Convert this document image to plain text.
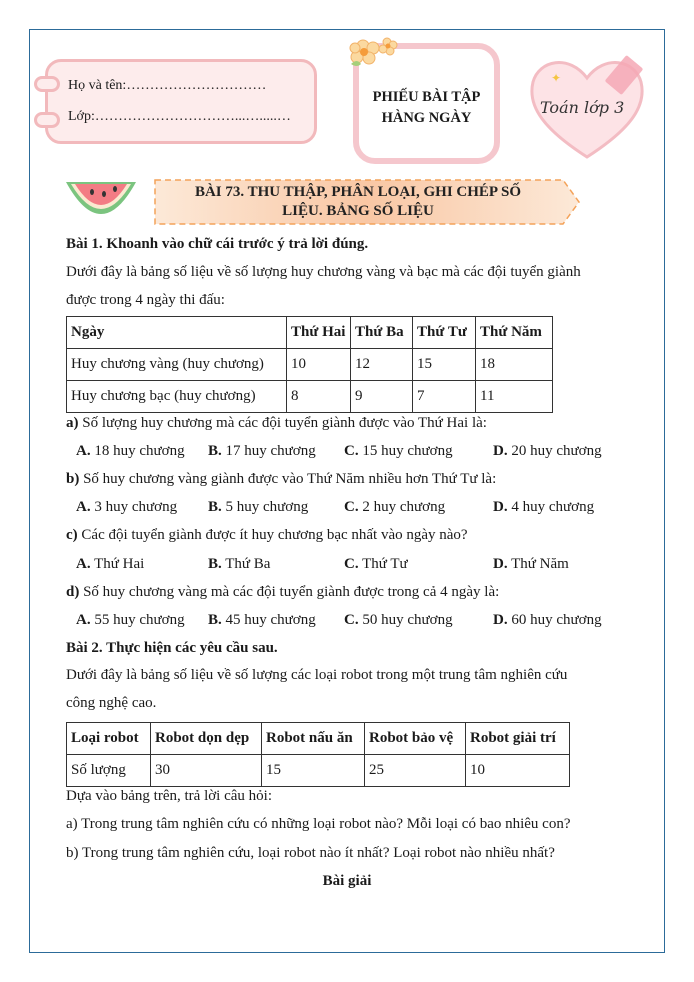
Họ và tên:…………………………
Lớp:…………………………...….....…
PHIẾU BÀI TẬP
HÀNG NGÀY
✦
Toán lớp 3
BÀI 73. THU THẬP, PHÂN LOẠI, GHI CHÉP SỐ
LIỆU. BẢNG SỐ LIỆU
Bài 1. Khoanh vào chữ cái trước ý trả lời đúng.
Dưới đây là bảng số liệu về số lượng huy chương vàng và bạc mà các đội tuyển giành
được trong 4 ngày thi đấu:
Ngày	Thứ Hai	Thứ Ba	Thứ Tư	Thứ Năm
Huy chương vàng (huy chương)	10	12	15	18
Huy chương bạc (huy chương)	8	9	7	11
a) Số lượng huy chương mà các đội tuyển giành được vào Thứ Hai là:
A. 18 huy chương B. 17 huy chương C. 15 huy chương	D. 20 huy chương
b) Số huy chương vàng giành được vào Thứ Năm nhiều hơn Thứ Tư là:
A. 3 huy chương B. 5 huy chương C. 2 huy chương	D. 4 huy chương
c) Các đội tuyển giành được ít huy chương bạc nhất vào ngày nào?
A. Thứ Hai	B. Thứ Ba	C. Thứ Tư	D. Thứ Năm
d) Số huy chương vàng mà các đội tuyển giành được trong cả 4 ngày là:
A. 55 huy chương B. 45 huy chương C. 50 huy chương	D. 60 huy chương
Bài 2. Thực hiện các yêu cầu sau.
Dưới đây là bảng số liệu về số lượng các loại robot trong một trung tâm nghiên cứu
công nghệ cao.
Loại robot	Robot dọn dẹp	Robot nấu ăn	Robot bảo vệ	Robot giải trí
Số lượng	30	15	25	10
Dựa vào bảng trên, trả lời câu hỏi:
a) Trong trung tâm nghiên cứu có những loại robot nào? Mỗi loại có bao nhiêu con?
b) Trong trung tâm nghiên cứu, loại robot nào ít nhất? Loại robot nào nhiều nhất?
Bài giải
